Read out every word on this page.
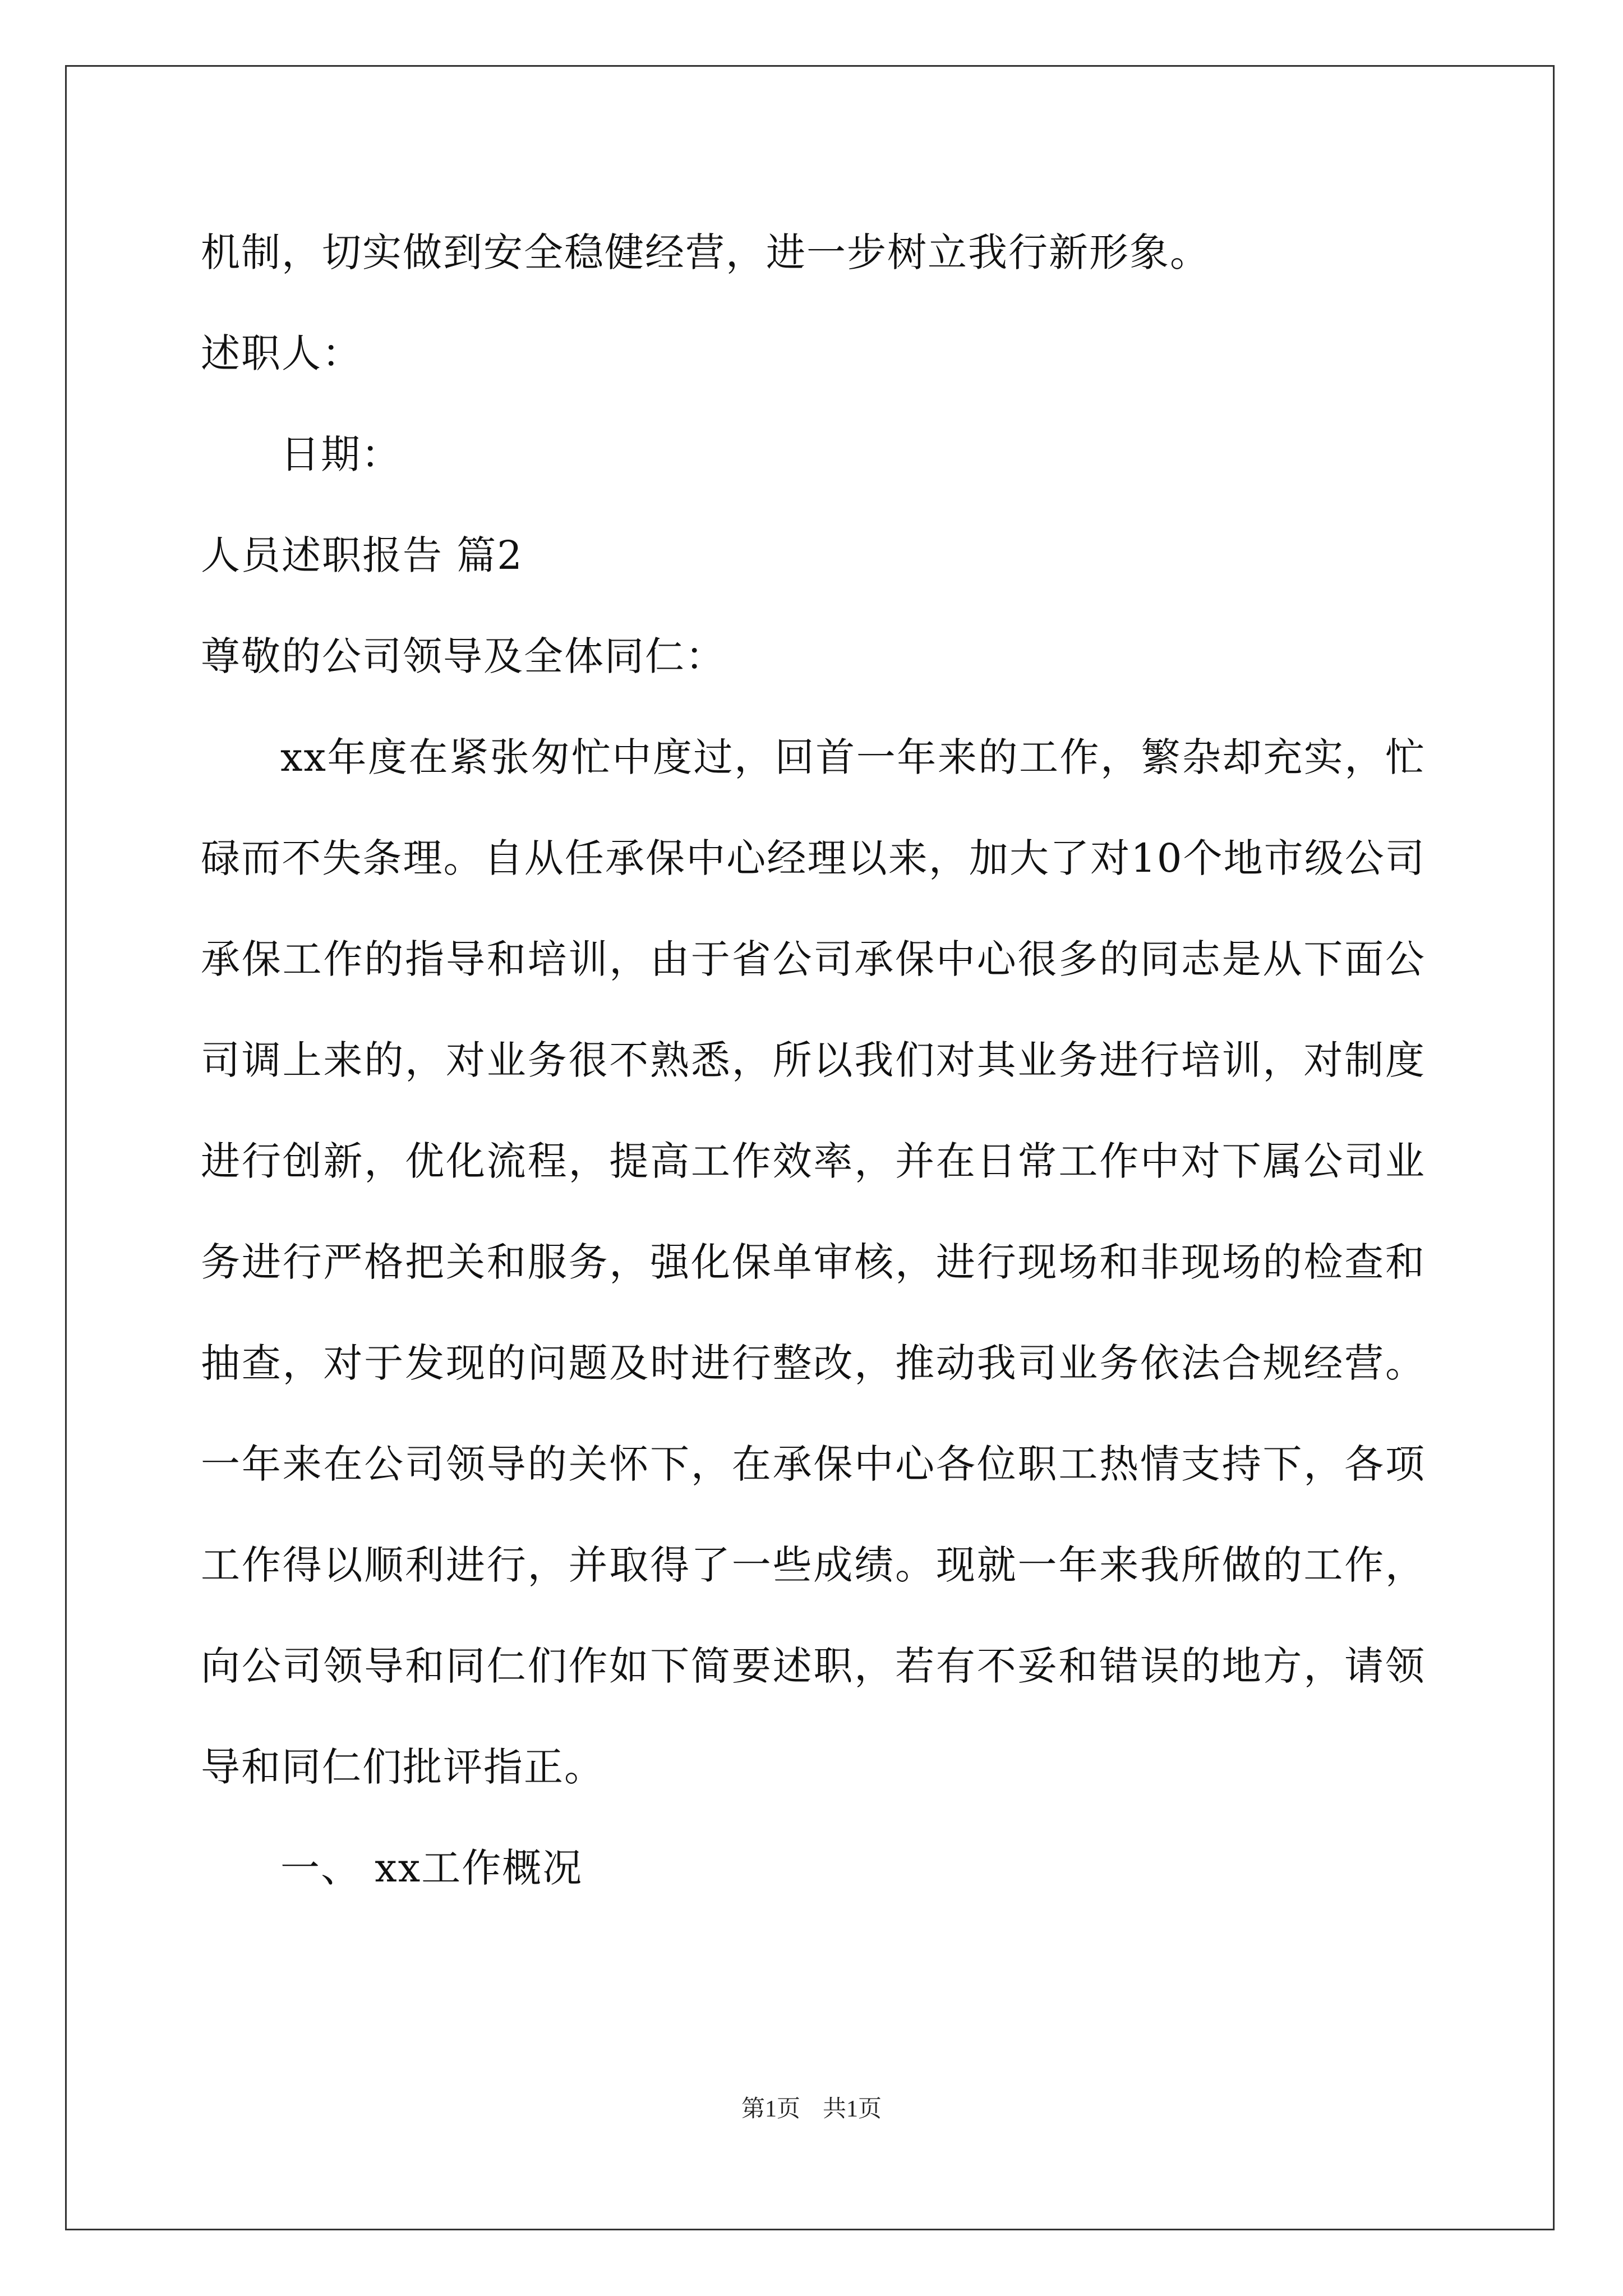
机制，切实做到安全稳健经营，进一步树立我行新形象。
述职人：
日期：
人员述职报告 篇2
尊敬的公司领导及全体同仁：
xx年度在紧张匆忙中度过，回首一年来的工作，繁杂却充实，忙
碌而不失条理。自从任承保中心经理以来，加大了对10个地市级公司
承保工作的指导和培训，由于省公司承保中心很多的同志是从下面公
司调上来的，对业务很不熟悉，所以我们对其业务进行培训，对制度
进行创新，优化流程，提高工作效率，并在日常工作中对下属公司业
务进行严格把关和服务，强化保单审核，进行现场和非现场的检查和
抽查，对于发现的问题及时进行整改，推动我司业务依法合规经营。
一年来在公司领导的关怀下，在承保中心各位职工热情支持下，各项
工作得以顺利进行，并取得了一些成绩。现就一年来我所做的工作，
向公司领导和同仁们作如下简要述职，若有不妥和错误的地方，请领
导和同仁们批评指正。
一、 xx工作概况
第1页 共1页
